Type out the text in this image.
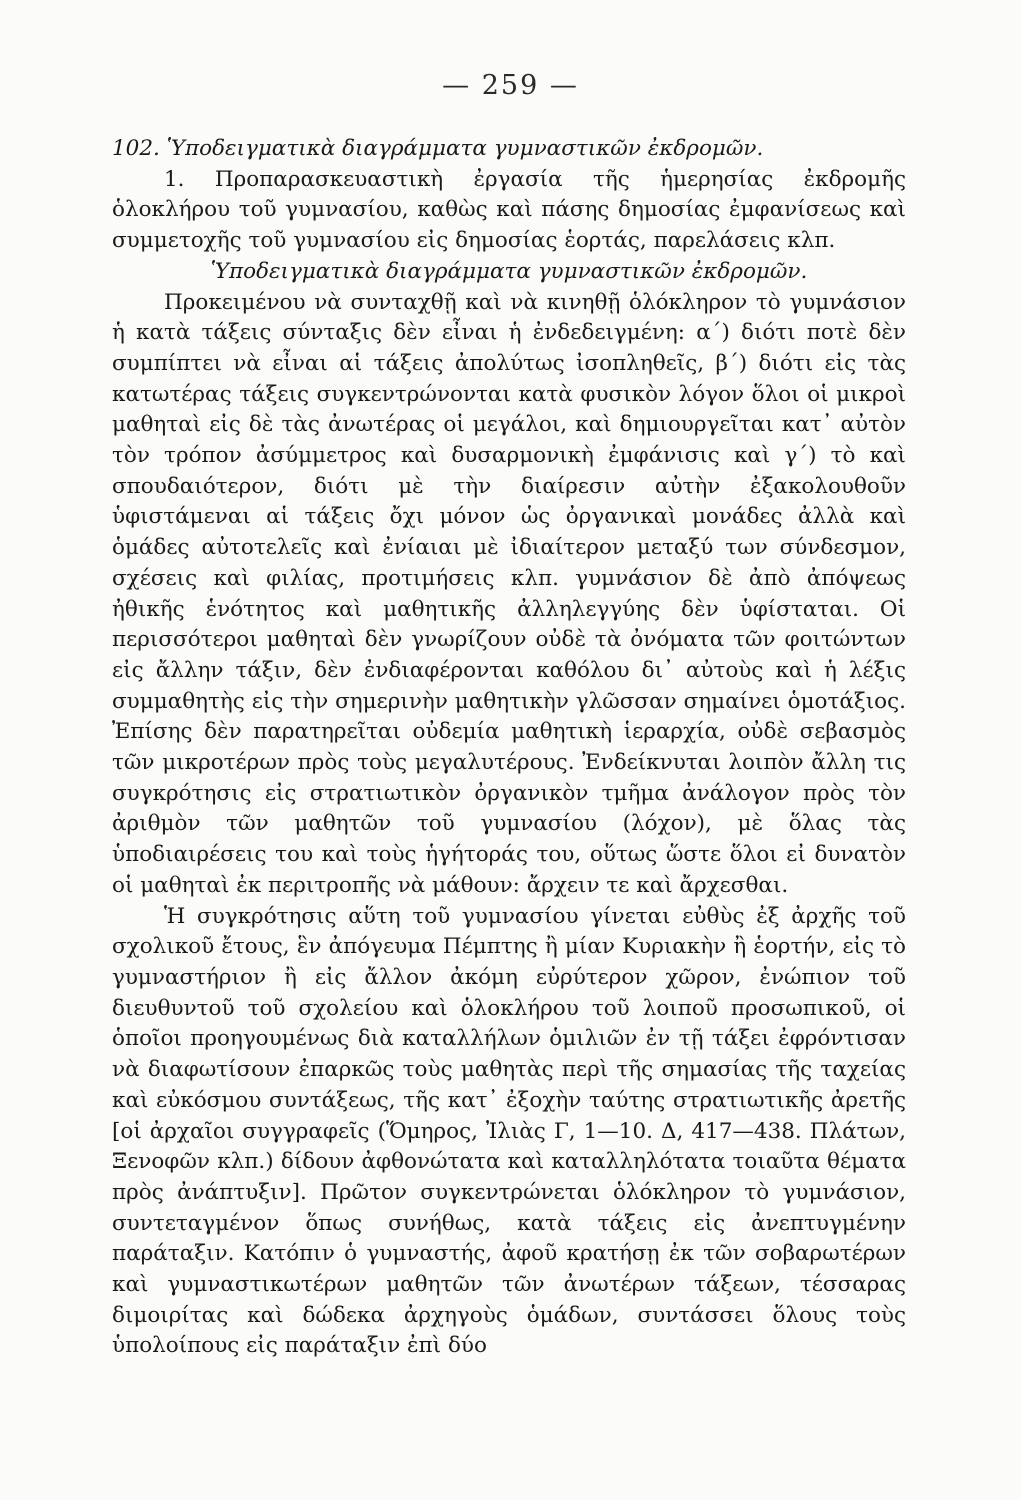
— 259 —

102. Ὑποδειγματικὰ διαγράμματα γυμναστικῶν ἐκδρομῶν.

1. Προπαρασκευαστικὴ ἐργασία τῆς ἡμερησίας ἐκδρομῆς ὁλοκλήρου τοῦ γυμνασίου, καθὼς καὶ πάσης δημοσίας ἐμφανίσεως καὶ συμμετοχῆς τοῦ γυμνασίου εἰς δημοσίας ἑορτάς, παρελάσεις κλπ.

Ὑποδειγματικὰ διαγράμματα γυμναστικῶν ἐκδρομῶν.

Προκειμένου νὰ συνταχθῇ καὶ νὰ κινηθῇ ὁλόκληρον τὸ γυμνάσιον ἡ κατὰ τάξεις σύνταξις δὲν εἶναι ἡ ἐνδεδειγμένη: α΄) διότι ποτὲ δὲν συμπίπτει νὰ εἶναι αἱ τάξεις ἀπολύτως ἰσοπληθεῖς, β΄) διότι εἰς τὰς κατωτέρας τάξεις συγκεντρώνονται κατὰ φυσικὸν λόγον ὅλοι οἱ μικροὶ μαθηταὶ εἰς δὲ τὰς ἀνωτέρας οἱ μεγάλοι, καὶ δημιουργεῖται κατ᾽ αὐτὸν τὸν τρόπον ἀσύμμετρος καὶ δυσαρμονικὴ ἐμφάνισις καὶ γ΄) τὸ καὶ σπουδαιότερον, διότι μὲ τὴν διαίρεσιν αὐτὴν ἐξακολουθοῦν ὑφιστάμεναι αἱ τάξεις ὄχι μόνον ὡς ὀργανικαὶ μονάδες ἀλλὰ καὶ ὁμάδες αὐτοτελεῖς καὶ ἐνίαιαι μὲ ἰδιαίτερον μεταξύ των σύνδεσμον, σχέσεις καὶ φιλίας, προτιμήσεις κλπ. γυμνάσιον δὲ ἀπὸ ἀπόψεως ἠθικῆς ἑνότητος καὶ μαθητικῆς ἀλληλεγγύης δὲν ὑφίσταται. Οἱ περισσότεροι μαθηταὶ δὲν γνωρίζουν οὐδὲ τὰ ὀνόματα τῶν φοιτώντων εἰς ἄλλην τάξιν, δὲν ἐνδιαφέρονται καθόλου δι᾽ αὐτοὺς καὶ ἡ λέξις συμμαθητὴς εἰς τὴν σημερινὴν μαθητικὴν γλῶσσαν σημαίνει ὁμοτάξιος. Ἐπίσης δὲν παρατηρεῖται οὐδεμία μαθητικὴ ἱεραρχία, οὐδὲ σεβασμὸς τῶν μικροτέρων πρὸς τοὺς μεγαλυτέρους. Ἐνδείκνυται λοιπὸν ἄλλη τις συγκρότησις εἰς στρατιωτικὸν ὀργανικὸν τμῆμα ἀνάλογον πρὸς τὸν ἀριθμὸν τῶν μαθητῶν τοῦ γυμνασίου (λόχον), μὲ ὅλας τὰς ὑποδιαιρέσεις του καὶ τοὺς ἡγήτοράς του, οὕτως ὥστε ὅλοι εἰ δυνατὸν οἱ μαθηταὶ ἐκ περιτροπῆς νὰ μάθουν: ἄρχειν τε καὶ ἄρχεσθαι.

Ἡ συγκρότησις αὕτη τοῦ γυμνασίου γίνεται εὐθὺς ἐξ ἀρχῆς τοῦ σχολικοῦ ἔτους, ἓν ἀπόγευμα Πέμπτης ἢ μίαν Κυριακὴν ἢ ἑορτήν, εἰς τὸ γυμναστήριον ἢ εἰς ἄλλον ἀκόμη εὐρύτερον χῶρον, ἐνώπιον τοῦ διευθυντοῦ τοῦ σχολείου καὶ ὁλοκλήρου τοῦ λοιποῦ προσωπικοῦ, οἱ ὁποῖοι προηγουμένως διὰ καταλλήλων ὁμιλιῶν ἐν τῇ τάξει ἐφρόντισαν νὰ διαφωτίσουν ἐπαρκῶς τοὺς μαθητὰς περὶ τῆς σημασίας τῆς ταχείας καὶ εὐκόσμου συντάξεως, τῆς κατ᾽ ἐξοχὴν ταύτης στρατιωτικῆς ἀρετῆς [οἱ ἀρχαῖοι συγγραφεῖς (Ὅμηρος, Ἰλιὰς Γ, 1—10. Δ, 417—438. Πλάτων, Ξενοφῶν κλπ.) δίδουν ἀφθονώτατα καὶ καταλληλότατα τοιαῦτα θέματα πρὸς ἀνάπτυξιν]. Πρῶτον συγκεντρώνεται ὁλόκληρον τὸ γυμνάσιον, συντεταγμένον ὅπως συνήθως, κατὰ τάξεις εἰς ἀνεπτυγμένην παράταξιν. Κατόπιν ὁ γυμναστής, ἀφοῦ κρατήσῃ ἐκ τῶν σοβαρωτέρων καὶ γυμναστικωτέρων μαθητῶν τῶν ἀνωτέρων τάξεων, τέσσαρας διμοιρίτας καὶ δώδεκα ἀρχηγοὺς ὁμάδων, συντάσσει ὅλους τοὺς ὑπολοίπους εἰς παράταξιν ἐπὶ δύο
